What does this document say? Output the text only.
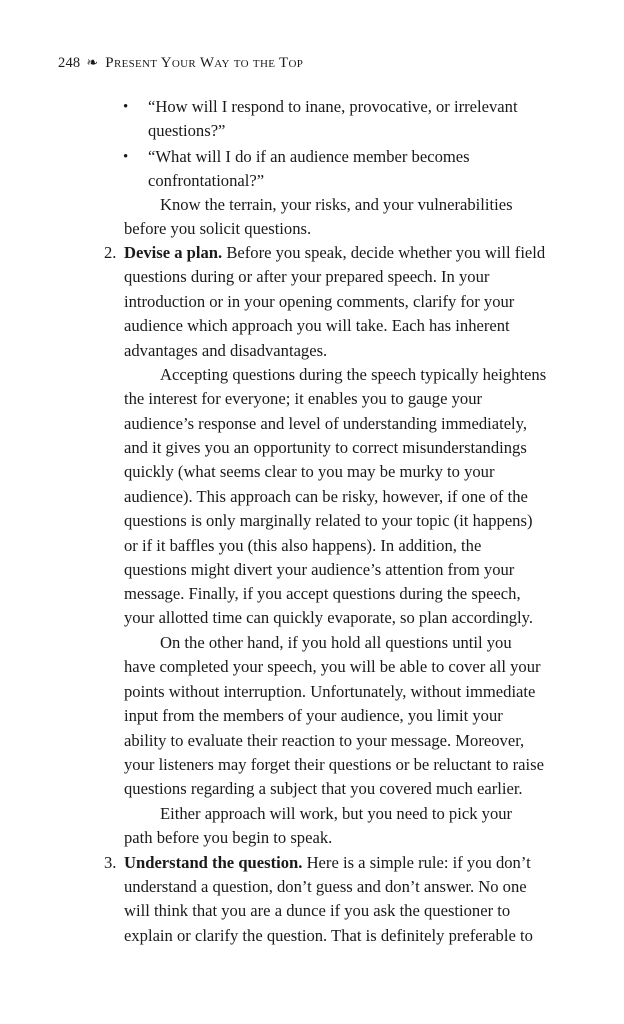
248 ❧ Present Your Way to the Top
• “How will I respond to inane, provocative, or irrelevant
questions?”
• “What will I do if an audience member becomes
confrontational?”
Know the terrain, your risks, and your vulnerabilities
before you solicit questions.
2. Devise a plan. Before you speak, decide whether you will field
questions during or after your prepared speech. In your
introduction or in your opening comments, clarify for your
audience which approach you will take. Each has inherent
advantages and disadvantages.
Accepting questions during the speech typically heightens
the interest for everyone; it enables you to gauge your
audience’s response and level of understanding immediately,
and it gives you an opportunity to correct misunderstandings
quickly (what seems clear to you may be murky to your
audience). This approach can be risky, however, if one of the
questions is only marginally related to your topic (it happens)
or if it baffles you (this also happens). In addition, the
questions might divert your audience’s attention from your
message. Finally, if you accept questions during the speech,
your allotted time can quickly evaporate, so plan accordingly.
On the other hand, if you hold all questions until you
have completed your speech, you will be able to cover all your
points without interruption. Unfortunately, without immediate
input from the members of your audience, you limit your
ability to evaluate their reaction to your message. Moreover,
your listeners may forget their questions or be reluctant to raise
questions regarding a subject that you covered much earlier.
Either approach will work, but you need to pick your
path before you begin to speak.
3. Understand the question. Here is a simple rule: if you don’t
understand a question, don’t guess and don’t answer. No one
will think that you are a dunce if you ask the questioner to
explain or clarify the question. That is definitely preferable to
